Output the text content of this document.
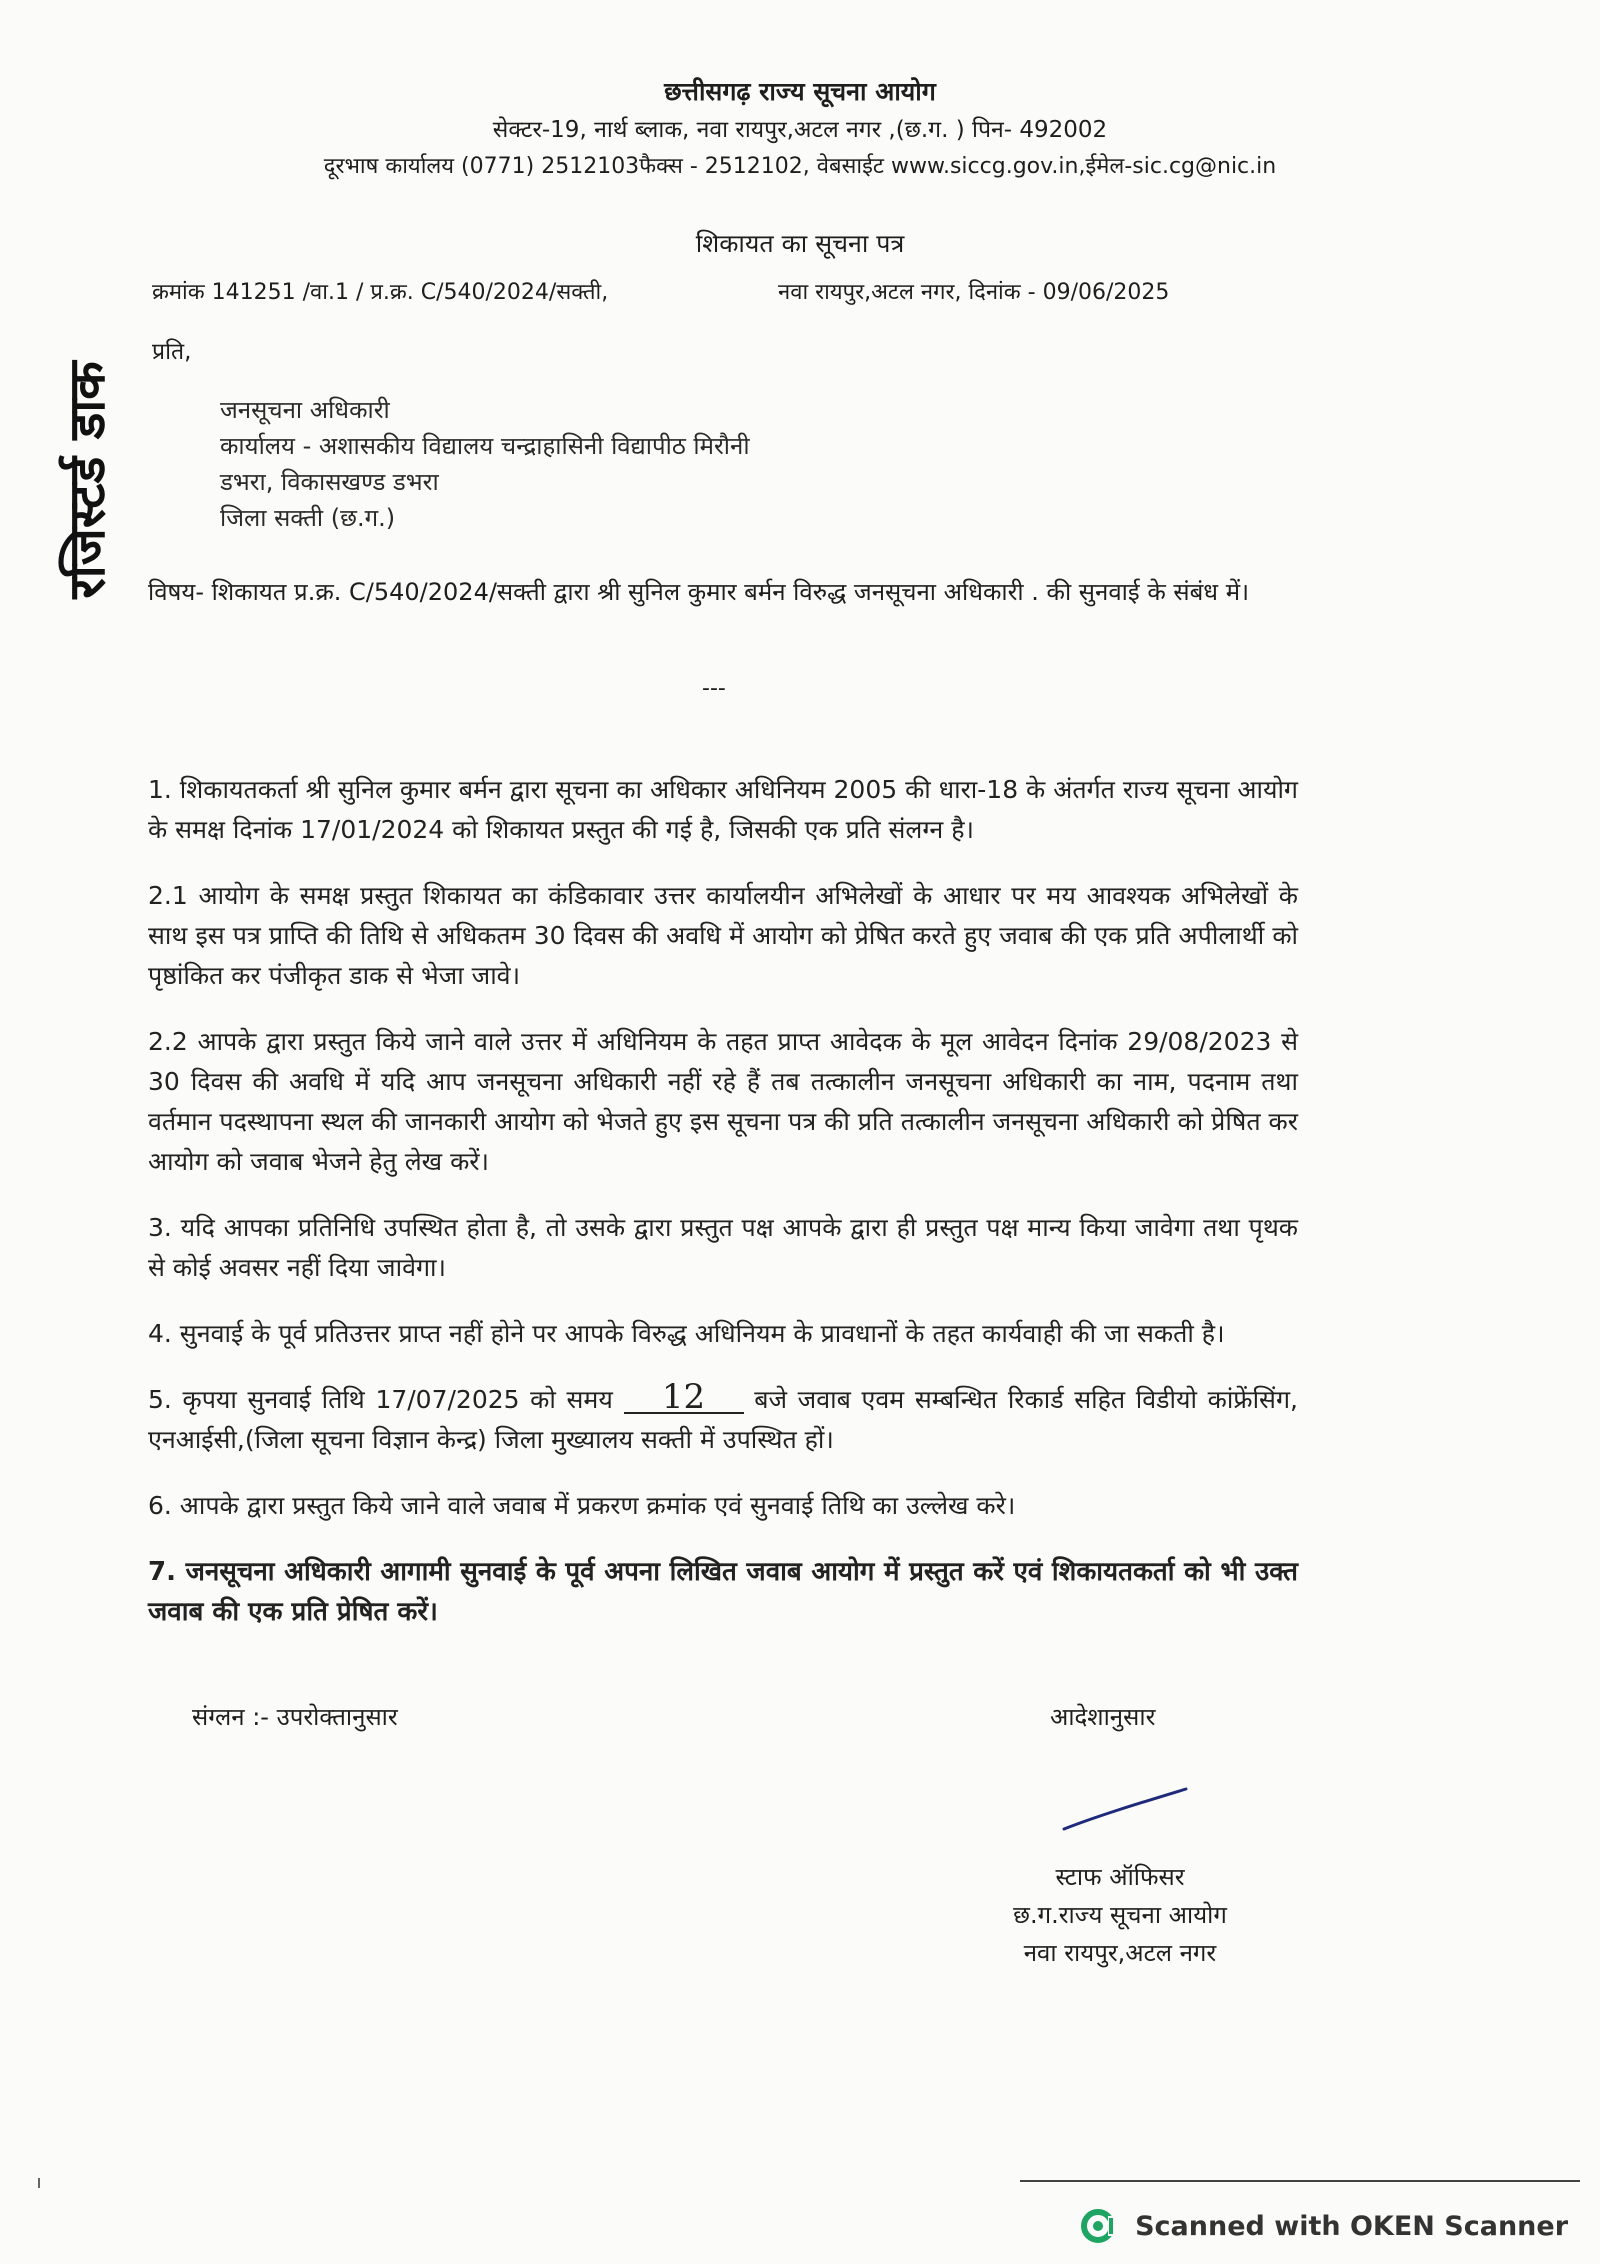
छत्तीसगढ़ राज्य सूचना आयोग
सेक्टर-19, नार्थ ब्लाक, नवा रायपुर,अटल नगर ,(छ.ग. ) पिन- 492002
दूरभाष कार्यालय (0771) 2512103फैक्स - 2512102, वेबसाईट www.siccg.gov.in,ईमेल-sic.cg@nic.in
शिकायत का सूचना पत्र
क्रमांक 141251 /वा.1 / प्र.क्र. C/540/2024/सक्ती,	नवा रायपुर,अटल नगर, दिनांक - 09/06/2025
रजिस्टर्ड डाक
प्रति,
जनसूचना अधिकारी
कार्यालय - अशासकीय विद्यालय चन्द्राहासिनी विद्यापीठ मिरौनी
डभरा, विकासखण्ड डभरा
जिला सक्ती (छ.ग.)
विषय- शिकायत प्र.क्र. C/540/2024/सक्ती द्वारा श्री सुनिल कुमार बर्मन विरुद्ध जनसूचना अधिकारी . की सुनवाई के संबंध में।
---

1. शिकायतकर्ता श्री सुनिल कुमार बर्मन द्वारा सूचना का अधिकार अधिनियम 2005 की धारा-18 के अंतर्गत राज्य सूचना आयोग के समक्ष दिनांक 17/01/2024 को शिकायत प्रस्तुत की गई है, जिसकी एक प्रति संलग्न है।

2.1 आयोग के समक्ष प्रस्तुत शिकायत का कंडिकावार उत्तर कार्यालयीन अभिलेखों के आधार पर मय आवश्यक अभिलेखों के साथ इस पत्र प्राप्ति की तिथि से अधिकतम 30 दिवस की अवधि में आयोग को प्रेषित करते हुए जवाब की एक प्रति अपीलार्थी को पृष्ठांकित कर पंजीकृत डाक से भेजा जावे।

2.2 आपके द्वारा प्रस्तुत किये जाने वाले उत्तर में अधिनियम के तहत प्राप्त आवेदक के मूल आवेदन दिनांक 29/08/2023 से 30 दिवस की अवधि में यदि आप जनसूचना अधिकारी नहीं रहे हैं तब तत्कालीन जनसूचना अधिकारी का नाम, पदनाम तथा वर्तमान पदस्थापना स्थल की जानकारी आयोग को भेजते हुए इस सूचना पत्र की प्रति तत्कालीन जनसूचना अधिकारी को प्रेषित कर आयोग को जवाब भेजने हेतु लेख करें।

3. यदि आपका प्रतिनिधि उपस्थित होता है, तो उसके द्वारा प्रस्तुत पक्ष आपके द्वारा ही प्रस्तुत पक्ष मान्य किया जावेगा तथा पृथक से कोई अवसर नहीं दिया जावेगा।

4. सुनवाई के पूर्व प्रतिउत्तर प्राप्त नहीं होने पर आपके विरुद्ध अधिनियम के प्रावधानों के तहत कार्यवाही की जा सकती है।

5. कृपया सुनवाई तिथि 17/07/2025 को समय 12 बजे जवाब एवम सम्बन्धित रिकार्ड सहित विडीयो कांफ्रेंसिंग, एनआईसी,(जिला सूचना विज्ञान केन्द्र) जिला मुख्यालय सक्ती में उपस्थित हों।

6. आपके द्वारा प्रस्तुत किये जाने वाले जवाब में प्रकरण क्रमांक एवं सुनवाई तिथि का उल्लेख करे।

7. जनसूचना अधिकारी आगामी सुनवाई के पूर्व अपना लिखित जवाब आयोग में प्रस्तुत करें एवं शिकायतकर्ता को भी उक्त जवाब की एक प्रति प्रेषित करें।

संग्लन :- उपरोक्तानुसार	आदेशानुसार
स्टाफ ऑफिसर
छ.ग.राज्य सूचना आयोग
नवा रायपुर,अटल नगर
Scanned with OKEN Scanner
